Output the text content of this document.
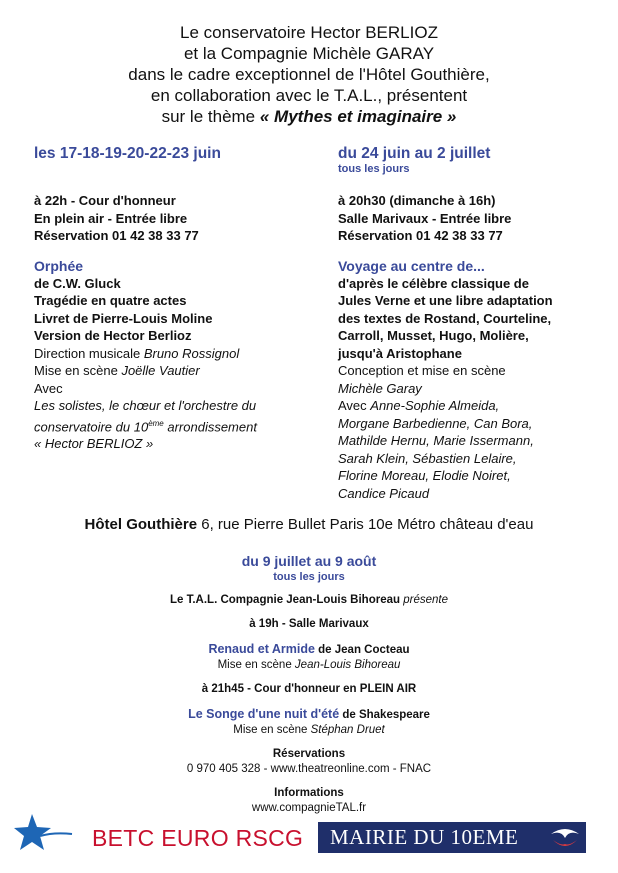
Le conservatoire Hector BERLIOZ
et la Compagnie Michèle GARAY
dans le cadre exceptionnel de l'Hôtel Gouthière,
en collaboration avec le T.A.L., présentent
sur le thème « Mythes et imaginaire »
les 17-18-19-20-22-23 juin
à 22h - Cour d'honneur
En plein air - Entrée libre
Réservation 01 42 38 33 77
Orphée
de C.W. Gluck
Tragédie en quatre actes
Livret de Pierre-Louis Moline
Version de Hector Berlioz
Direction musicale Bruno Rossignol
Mise en scène Joëlle Vautier
Avec
Les solistes, le chœur et l'orchestre du
conservatoire du 10ème arrondissement
« Hector BERLIOZ »
du 24 juin au 2 juillet
tous les jours
à 20h30 (dimanche à 16h)
Salle Marivaux - Entrée libre
Réservation 01 42 38 33 77
Voyage au centre de...
d'après le célèbre classique de
Jules Verne et une libre adaptation
des textes de Rostand, Courteline,
Carroll, Musset, Hugo, Molière,
jusqu'à Aristophane
Conception et mise en scène
Michèle Garay
Avec Anne-Sophie Almeida,
Morgane Barbedienne, Can Bora,
Mathilde Hernu, Marie Issermann,
Sarah Klein, Sébastien Lelaire,
Florine Moreau, Elodie Noiret,
Candice Picaud
Hôtel Gouthière 6, rue Pierre Bullet Paris 10e Métro château d'eau
du 9 juillet au 9 août
tous les jours
Le T.A.L. Compagnie Jean-Louis Bihoreau présente
à 19h - Salle Marivaux
Renaud et Armide de Jean Cocteau
Mise en scène Jean-Louis Bihoreau
à 21h45 - Cour d'honneur en PLEIN AIR
Le Songe d'une nuit d'été de Shakespeare
Mise en scène Stéphan Druet
Réservations
0 970 405 328 - www.theatreonline.com - FNAC
Informations
www.compagnieTAL.fr
BETC EURO RSCG	MAIRIE DU 10EME
